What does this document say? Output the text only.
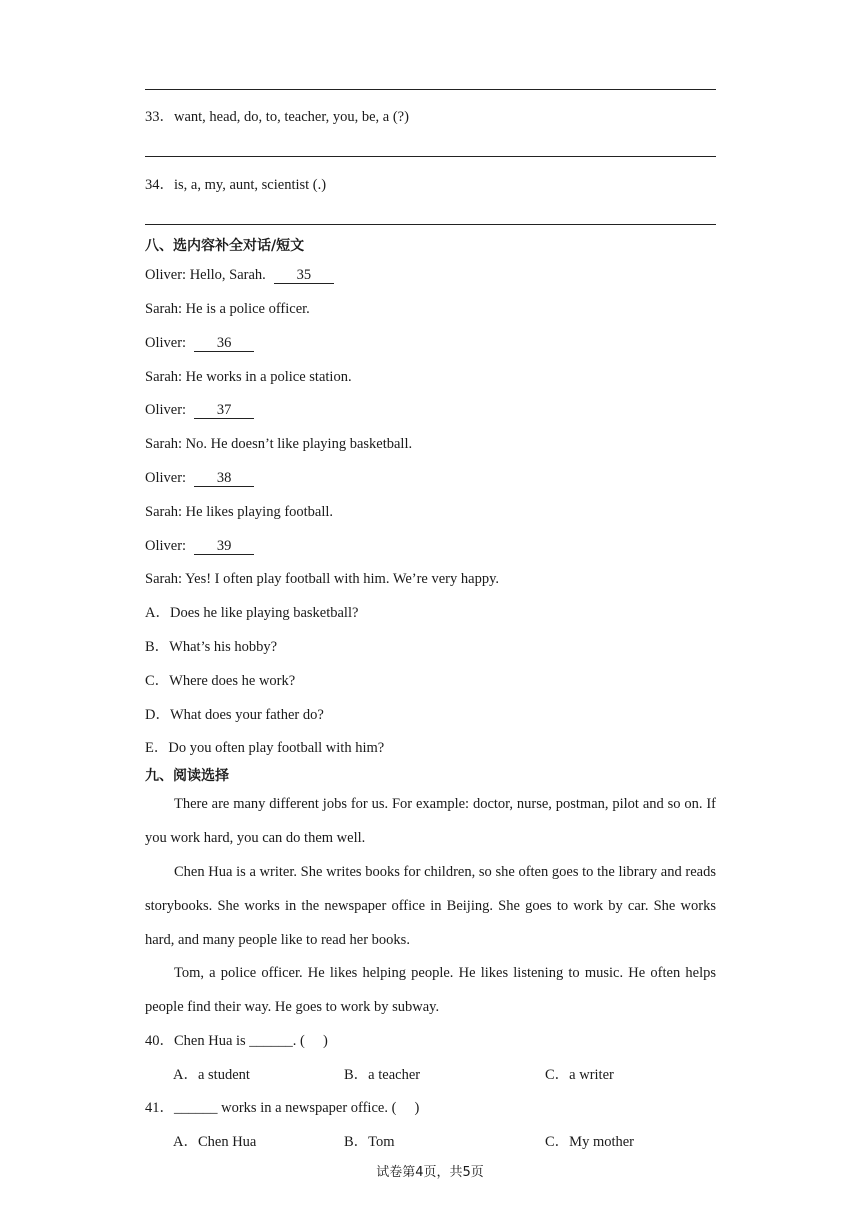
33．want, head, do, to, teacher, you, be, a (?)
34．is, a, my, aunt, scientist (.)
八、选内容补全对话/短文
Oliver: Hello, Sarah. 35
Sarah: He is a police officer.
Oliver: 36
Sarah: He works in a police station.
Oliver: 37
Sarah: No. He doesn’t like playing basketball.
Oliver: 38
Sarah: He likes playing football.
Oliver: 39
Sarah: Yes! I often play football with him. We’re very happy.
A．Does he like playing basketball?
B．What’s his hobby?
C．Where does he work?
D．What does your father do?
E．Do you often play football with him?
九、阅读选择
There are many different jobs for us. For example: doctor, nurse, postman, pilot and so on. If you work hard, you can do them well.
Chen Hua is a writer. She writes books for children, so she often goes to the library and reads storybooks. She works in the newspaper office in Beijing. She goes to work by car. She works hard, and many people like to read her books.
Tom, a police officer. He likes helping people. He likes listening to music. He often helps people find their way. He goes to work by subway.
40．Chen Hua is ______. (　 )
A．a student	B．a teacher	C．a writer
41．______ works in a newspaper office. (　 )
A．Chen Hua	B．Tom	C．My mother
试卷第4页，共5页
